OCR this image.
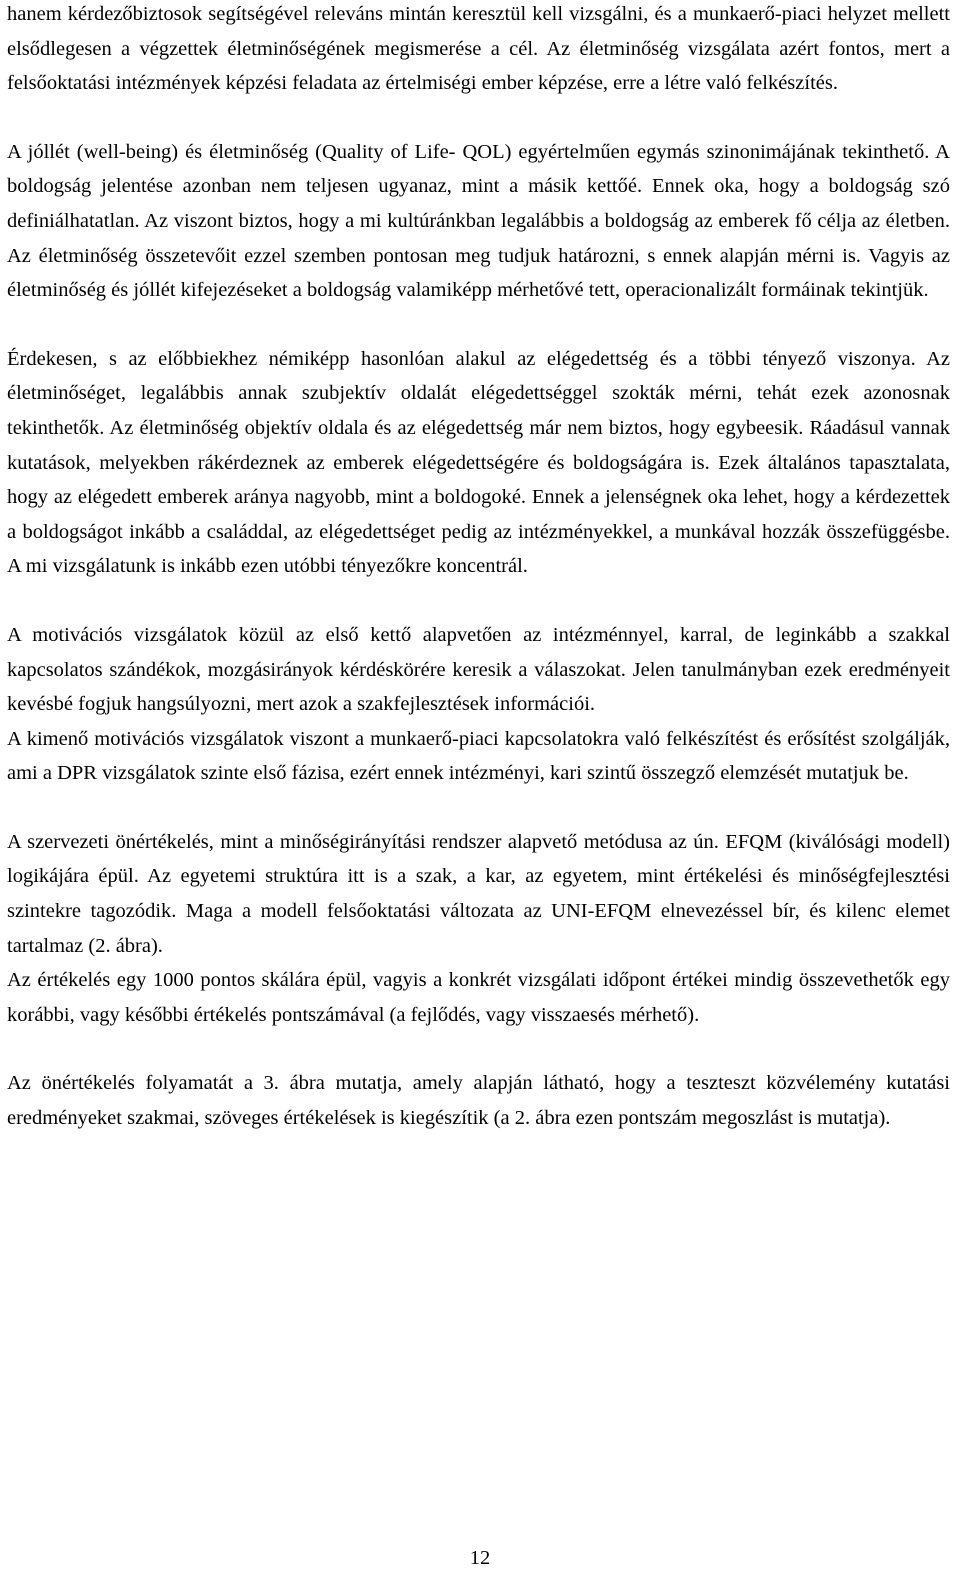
hanem kérdezőbiztosok segítségével releváns mintán keresztül kell vizsgálni, és a munkaerő-piaci helyzet mellett elsődlegesen a végzettek életminőségének megismerése a cél. Az életminőség vizsgálata azért fontos, mert a felsőoktatási intézmények képzési feladata az értelmiségi ember képzése, erre a létre való felkészítés.

A jóllét (well-being) és életminőség (Quality of Life- QOL) egyértelműen egymás szinonimájának tekinthető. A boldogság jelentése azonban nem teljesen ugyanaz, mint a másik kettőé. Ennek oka, hogy a boldogság szó definiálhatatlan. Az viszont biztos, hogy a mi kultúránkban legalábbis a boldogság az emberek fő célja az életben. Az életminőség összetevőit ezzel szemben pontosan meg tudjuk határozni, s ennek alapján mérni is. Vagyis az életminőség és jóllét kifejezéseket a boldogság valamiképp mérhetővé tett, operacionalizált formáinak tekintjük.

Érdekesen, s az előbbiekhez némiképp hasonlóan alakul az elégedettség és a többi tényező viszonya. Az életminőséget, legalábbis annak szubjektív oldalát elégedettséggel szokták mérni, tehát ezek azonosnak tekinthetők. Az életminőség objektív oldala és az elégedettség már nem biztos, hogy egybeesik. Ráadásul vannak kutatások, melyekben rákérdeznek az emberek elégedettségére és boldogságára is. Ezek általános tapasztalata, hogy az elégedett emberek aránya nagyobb, mint a boldogoké. Ennek a jelenségnek oka lehet, hogy a kérdezettek a boldogságot inkább a családdal, az elégedettséget pedig az intézményekkel, a munkával hozzák összefüggésbe. A mi vizsgálatunk is inkább ezen utóbbi tényezőkre koncentrál.

A motivációs vizsgálatok közül az első kettő alapvetően az intézménnyel, karral, de leginkább a szakkal kapcsolatos szándékok, mozgásirányok kérdéskörére keresik a válaszokat. Jelen tanulmányban ezek eredményeit kevésbé fogjuk hangsúlyozni, mert azok a szakfejlesztések információi.

A kimenő motivációs vizsgálatok viszont a munkaerő-piaci kapcsolatokra való felkészítést és erősítést szolgálják, ami a DPR vizsgálatok szinte első fázisa, ezért ennek intézményi, kari szintű összegző elemzését mutatjuk be.

A szervezeti önértékelés, mint a minőségirányítási rendszer alapvető metódusa az ún. EFQM (kiválósági modell) logikájára épül. Az egyetemi struktúra itt is a szak, a kar, az egyetem, mint értékelési és minőségfejlesztési szintekre tagozódik. Maga a modell felsőoktatási változata az UNI-EFQM elnevezéssel bír, és kilenc elemet tartalmaz (2. ábra).

Az értékelés egy 1000 pontos skálára épül, vagyis a konkrét vizsgálati időpont értékei mindig összevethetők egy korábbi, vagy későbbi értékelés pontszámával (a fejlődés, vagy visszaesés mérhető).

Az önértékelés folyamatát a 3. ábra mutatja, amely alapján látható, hogy a teszteszt közvélemény kutatási eredményeket szakmai, szöveges értékelések is kiegészítik (a 2. ábra ezen pontszám megoszlást is mutatja).

12
